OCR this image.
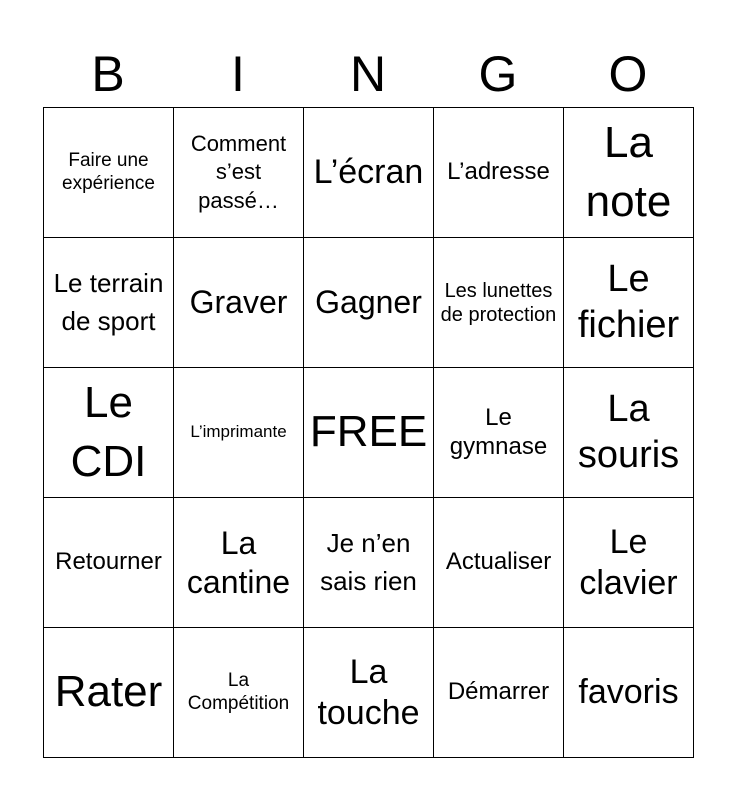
B	I	N	G	O
Faire une expérience	Comment s’est passé…	L’écran	L’adresse	La note
Le terrain de sport	Graver	Gagner	Les lunettes de protection	Le fichier
Le CDI	L’imprimante	FREE	Le gymnase	La souris
Retourner	La cantine	Je n’en sais rien	Actualiser	Le clavier
Rater	La Compétition	La touche	Démarrer	favoris
